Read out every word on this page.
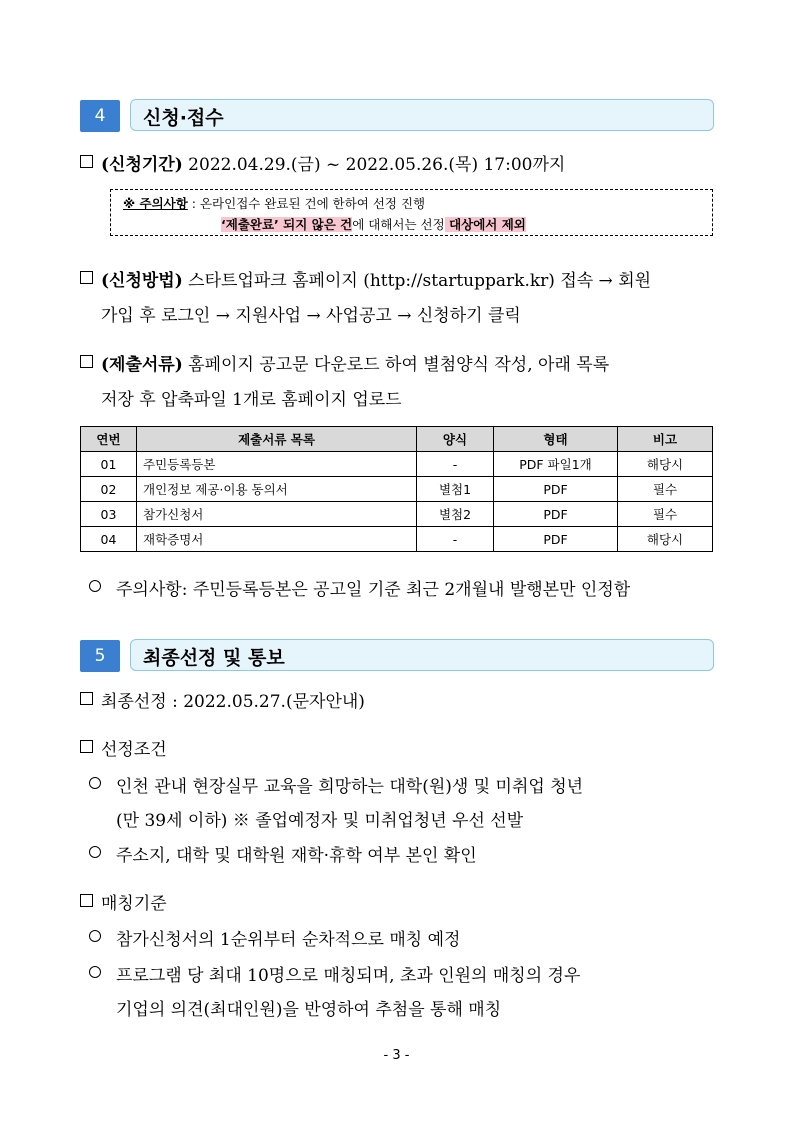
4	신청·접수
(신청기간) 2022.04.29.(금) ~ 2022.05.26.(목) 17:00까지
※ 주의사항 : 온라인접수 완료된 건에 한하여 선정 진행
‘제출완료’ 되지 않은 건에 대해서는 선정 대상에서 제외
(신청방법) 스타트업파크 홈페이지 (http://startuppark.kr) 접속 → 회원
가입 후 로그인 → 지원사업 → 사업공고 → 신청하기 클릭
(제출서류) 홈페이지 공고문 다운로드 하여 별첨양식 작성, 아래 목록
저장 후 압축파일 1개로 홈페이지 업로드
연번	제출서류 목록	양식	형태	비고
01	주민등록등본	-	PDF 파일1개	해당시
02	개인정보 제공·이용 동의서	별첨1	PDF	필수
03	참가신청서	별첨2	PDF	필수
04	재학증명서	-	PDF	해당시
주의사항: 주민등록등본은 공고일 기준 최근 2개월내 발행본만 인정함
5	최종선정 및 통보
최종선정 : 2022.05.27.(문자안내)
선정조건
인천 관내 현장실무 교육을 희망하는 대학(원)생 및 미취업 청년
(만 39세 이하) ※ 졸업예정자 및 미취업청년 우선 선발
주소지, 대학 및 대학원 재학·휴학 여부 본인 확인
매칭기준
참가신청서의 1순위부터 순차적으로 매칭 예정
프로그램 당 최대 10명으로 매칭되며, 초과 인원의 매칭의 경우
기업의 의견(최대인원)을 반영하여 추첨을 통해 매칭
- 3 -
